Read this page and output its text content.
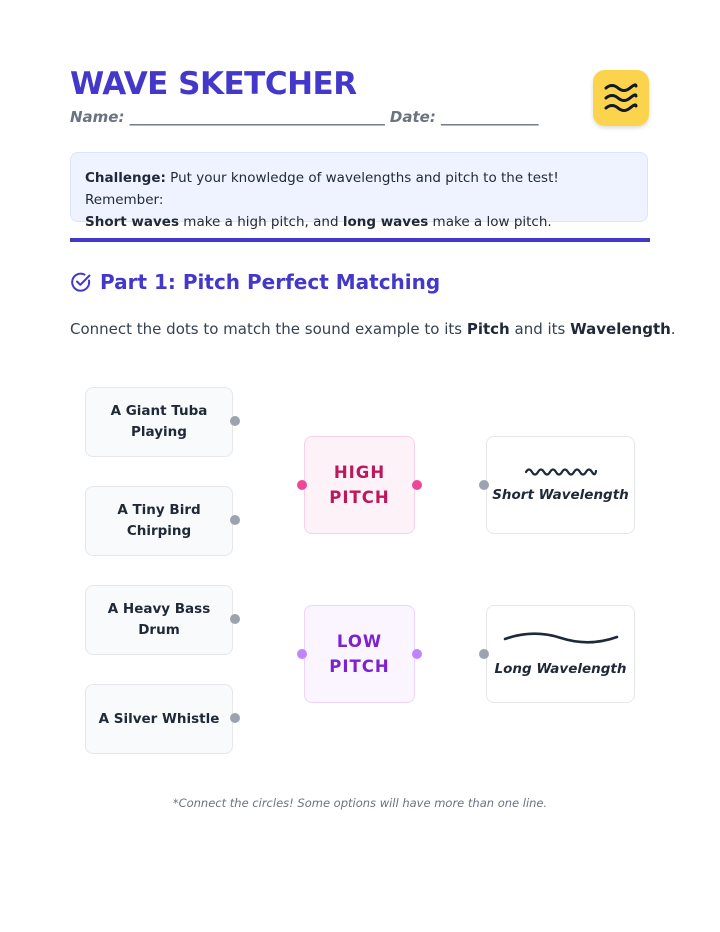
WAVE SKETCHER
Name: __________________________________ Date: _____________
Challenge: Put your knowledge of wavelengths and pitch to the test! Remember:
Short waves make a high pitch, and long waves make a low pitch.
Part 1: Pitch Perfect Matching
Connect the dots to match the sound example to its Pitch and its Wavelength.
A Giant Tuba Playing
A Tiny Bird Chirping
A Heavy Bass Drum
A Silver Whistle
HIGH PITCH
LOW PITCH
Short Wavelength
Long Wavelength
*Connect the circles! Some options will have more than one line.
